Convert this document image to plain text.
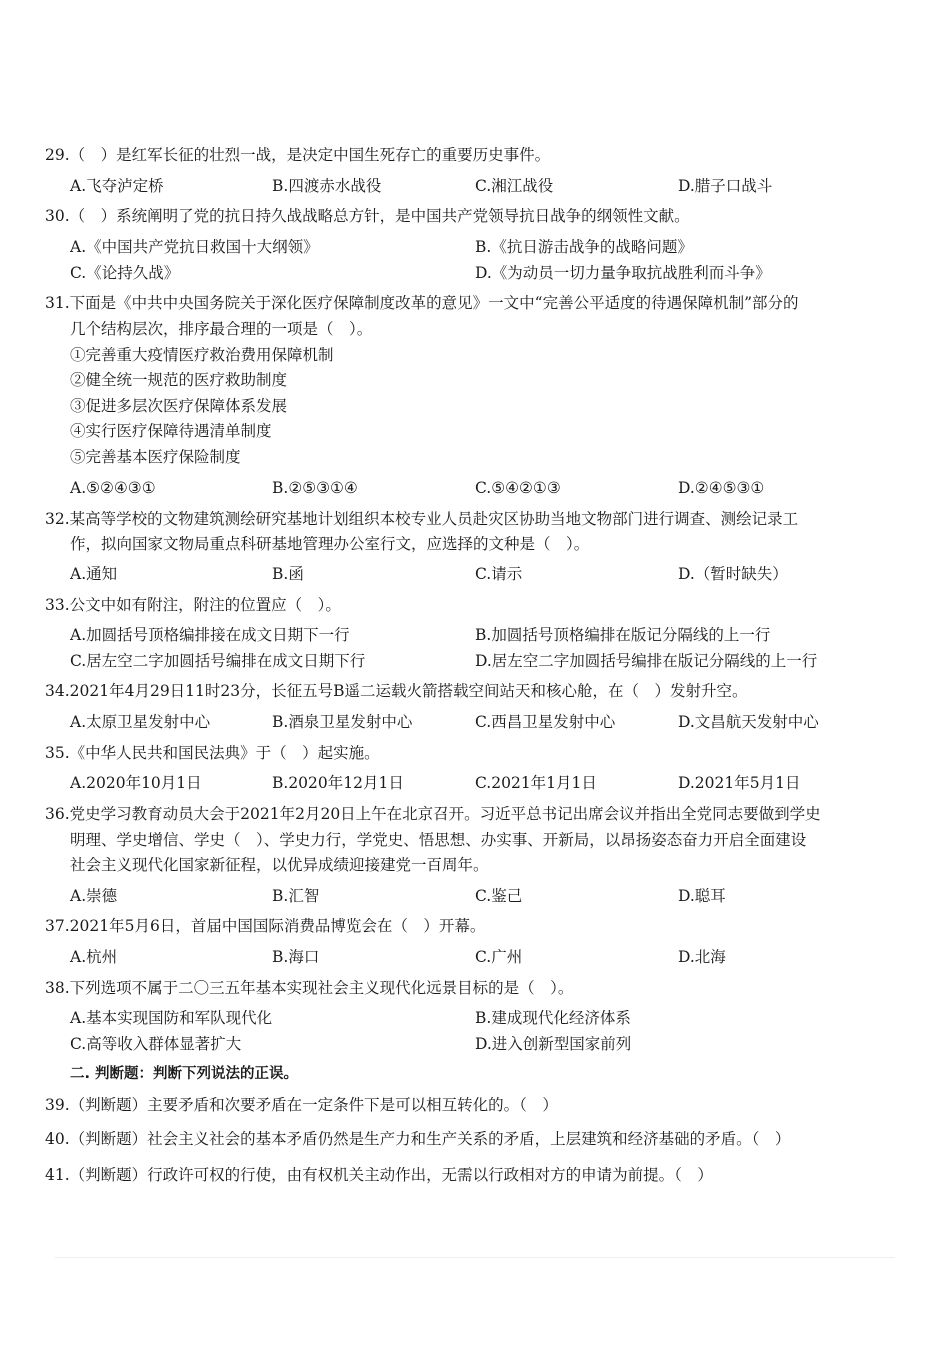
29.（　）是红军长征的壮烈一战，是决定中国生死存亡的重要历史事件。
A.飞夺泸定桥	B.四渡赤水战役	C.湘江战役	D.腊子口战斗
30.（　）系统阐明了党的抗日持久战战略总方针，是中国共产党领导抗日战争的纲领性文献。
A.《中国共产党抗日救国十大纲领》	B.《抗日游击战争的战略问题》
C.《论持久战》	D.《为动员一切力量争取抗战胜利而斗争》
31.下面是《中共中央国务院关于深化医疗保障制度改革的意见》一文中“完善公平适度的待遇保障机制”部分的
几个结构层次，排序最合理的一项是（　）。
①完善重大疫情医疗救治费用保障机制
②健全统一规范的医疗救助制度
③促进多层次医疗保障体系发展
④实行医疗保障待遇清单制度
⑤完善基本医疗保险制度
A.⑤②④③①	B.②⑤③①④	C.⑤④②①③	D.②④⑤③①
32.某高等学校的文物建筑测绘研究基地计划组织本校专业人员赴灾区协助当地文物部门进行调查、测绘记录工
作，拟向国家文物局重点科研基地管理办公室行文，应选择的文种是（　）。
A.通知	B.函	C.请示	D.（暂时缺失）
33.公文中如有附注，附注的位置应（　）。
A.加圆括号顶格编排接在成文日期下一行	B.加圆括号顶格编排在版记分隔线的上一行
C.居左空二字加圆括号编排在成文日期下行	D.居左空二字加圆括号编排在版记分隔线的上一行
34.2021年4月29日11时23分，长征五号B遥二运载火箭搭载空间站天和核心舱，在（　）发射升空。
A.太原卫星发射中心	B.酒泉卫星发射中心	C.西昌卫星发射中心	D.文昌航天发射中心
35.《中华人民共和国民法典》于（　）起实施。
A.2020年10月1日	B.2020年12月1日	C.2021年1月1日	D.2021年5月1日
36.党史学习教育动员大会于2021年2月20日上午在北京召开。习近平总书记出席会议并指出全党同志要做到学史
明理、学史增信、学史（　）、学史力行，学党史、悟思想、办实事、开新局，以昂扬姿态奋力开启全面建设
社会主义现代化国家新征程，以优异成绩迎接建党一百周年。
A.崇德	B.汇智	C.鉴己	D.聪耳
37.2021年5月6日，首届中国国际消费品博览会在（　）开幕。
A.杭州	B.海口	C.广州	D.北海
38.下列选项不属于二〇三五年基本实现社会主义现代化远景目标的是（　）。
A.基本实现国防和军队现代化	B.建成现代化经济体系
C.高等收入群体显著扩大	D.进入创新型国家前列
二. 判断题：判断下列说法的正误。
39.（判断题）主要矛盾和次要矛盾在一定条件下是可以相互转化的。（　）
40.（判断题）社会主义社会的基本矛盾仍然是生产力和生产关系的矛盾，上层建筑和经济基础的矛盾。（　）
41.（判断题）行政许可权的行使，由有权机关主动作出，无需以行政相对方的申请为前提。（　）
